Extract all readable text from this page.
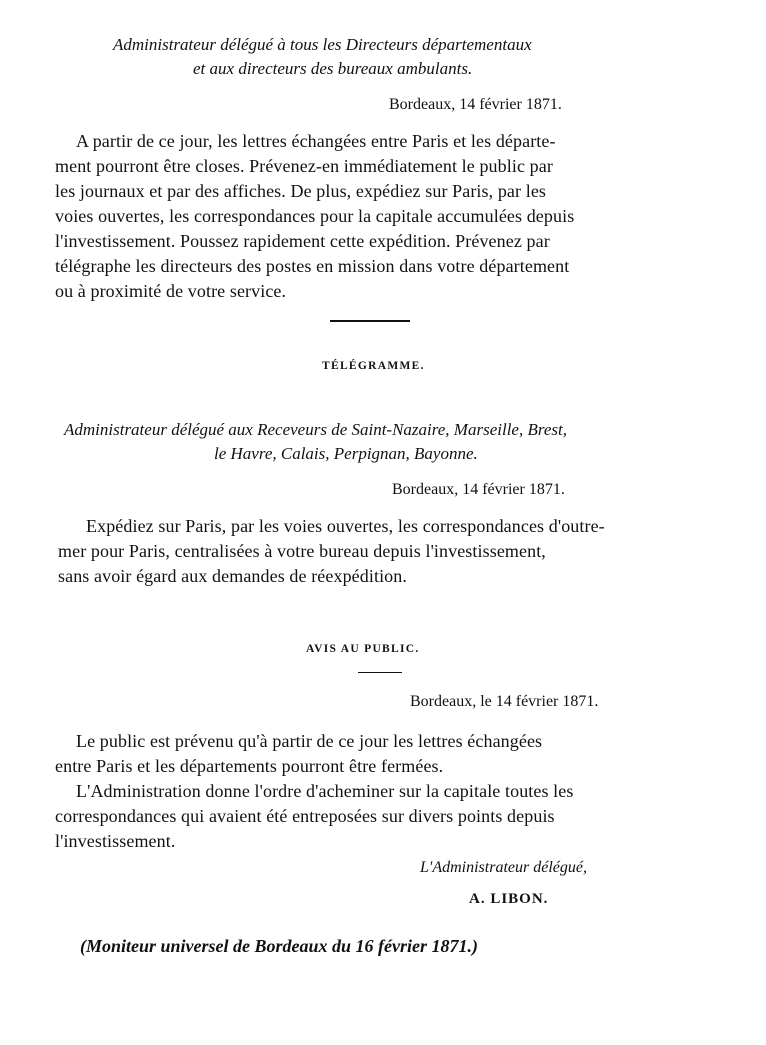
Administrateur délégué à tous les Directeurs départementaux
et aux directeurs des bureaux ambulants.
Bordeaux, 14 février 1871.
A partir de ce jour, les lettres échangées entre Paris et les départe-
ment pourront être closes. Prévenez-en immédiatement le public par
les journaux et par des affiches. De plus, expédiez sur Paris, par les
voies ouvertes, les correspondances pour la capitale accumulées depuis
l'investissement. Poussez rapidement cette expédition. Prévenez par
télégraphe les directeurs des postes en mission dans votre département
ou à proximité de votre service.
TÉLÉGRAMME.
Administrateur délégué aux Receveurs de Saint-Nazaire, Marseille, Brest,
le Havre, Calais, Perpignan, Bayonne.
Bordeaux, 14 février 1871.
Expédiez sur Paris, par les voies ouvertes, les correspondances d'outre-
mer pour Paris, centralisées à votre bureau depuis l'investissement,
sans avoir égard aux demandes de réexpédition.
AVIS AU PUBLIC.
Bordeaux, le 14 février 1871.
Le public est prévenu qu'à partir de ce jour les lettres échangées
entre Paris et les départements pourront être fermées.
L'Administration donne l'ordre d'acheminer sur la capitale toutes les
correspondances qui avaient été entreposées sur divers points depuis
l'investissement.
L'Administrateur délégué,
A. LIBON.
(Moniteur universel de Bordeaux du 16 février 1871.)
